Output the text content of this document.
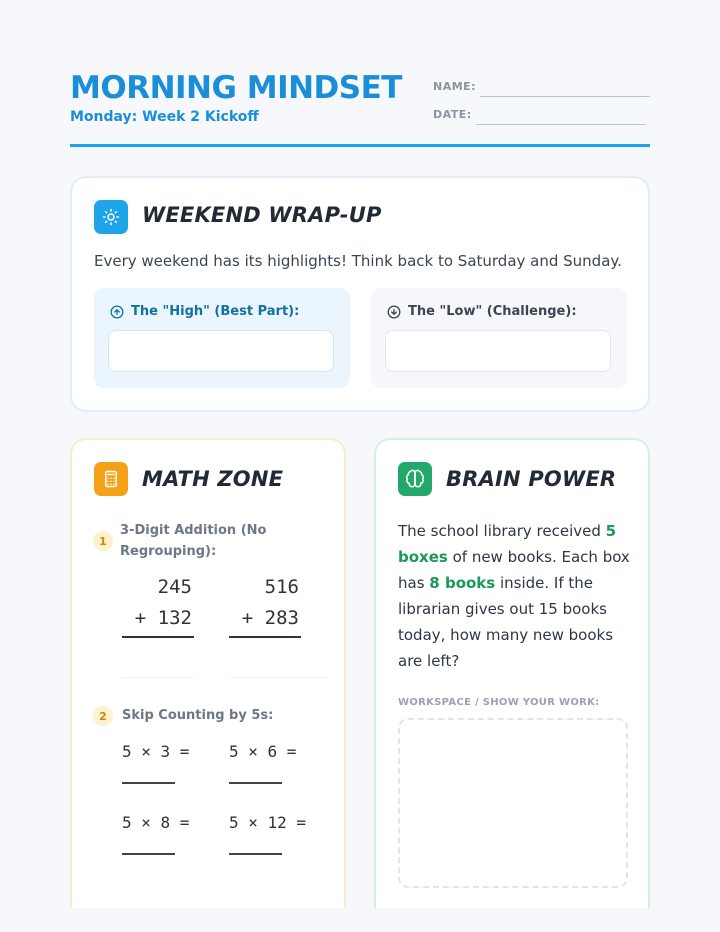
MORNING MINDSET
Monday: Week 2 Kickoff
NAME:
DATE:
WEEKEND WRAP-UP
Every weekend has its highlights! Think back to Saturday and Sunday.
The "High" (Best Part):	The "Low" (Challenge):
MATH ZONE
1
3-Digit Addition (No Regrouping):
245
+ 132
516
+ 283
2	Skip Counting by 5s:
5 × 3 = 5 × 6 =
5 × 8 = 5 × 12 =
BRAIN POWER
The school library received 5 boxes of new books. Each box has 8 books inside. If the librarian gives out 15 books today, how many new books are left?
WORKSPACE / SHOW YOUR WORK:
